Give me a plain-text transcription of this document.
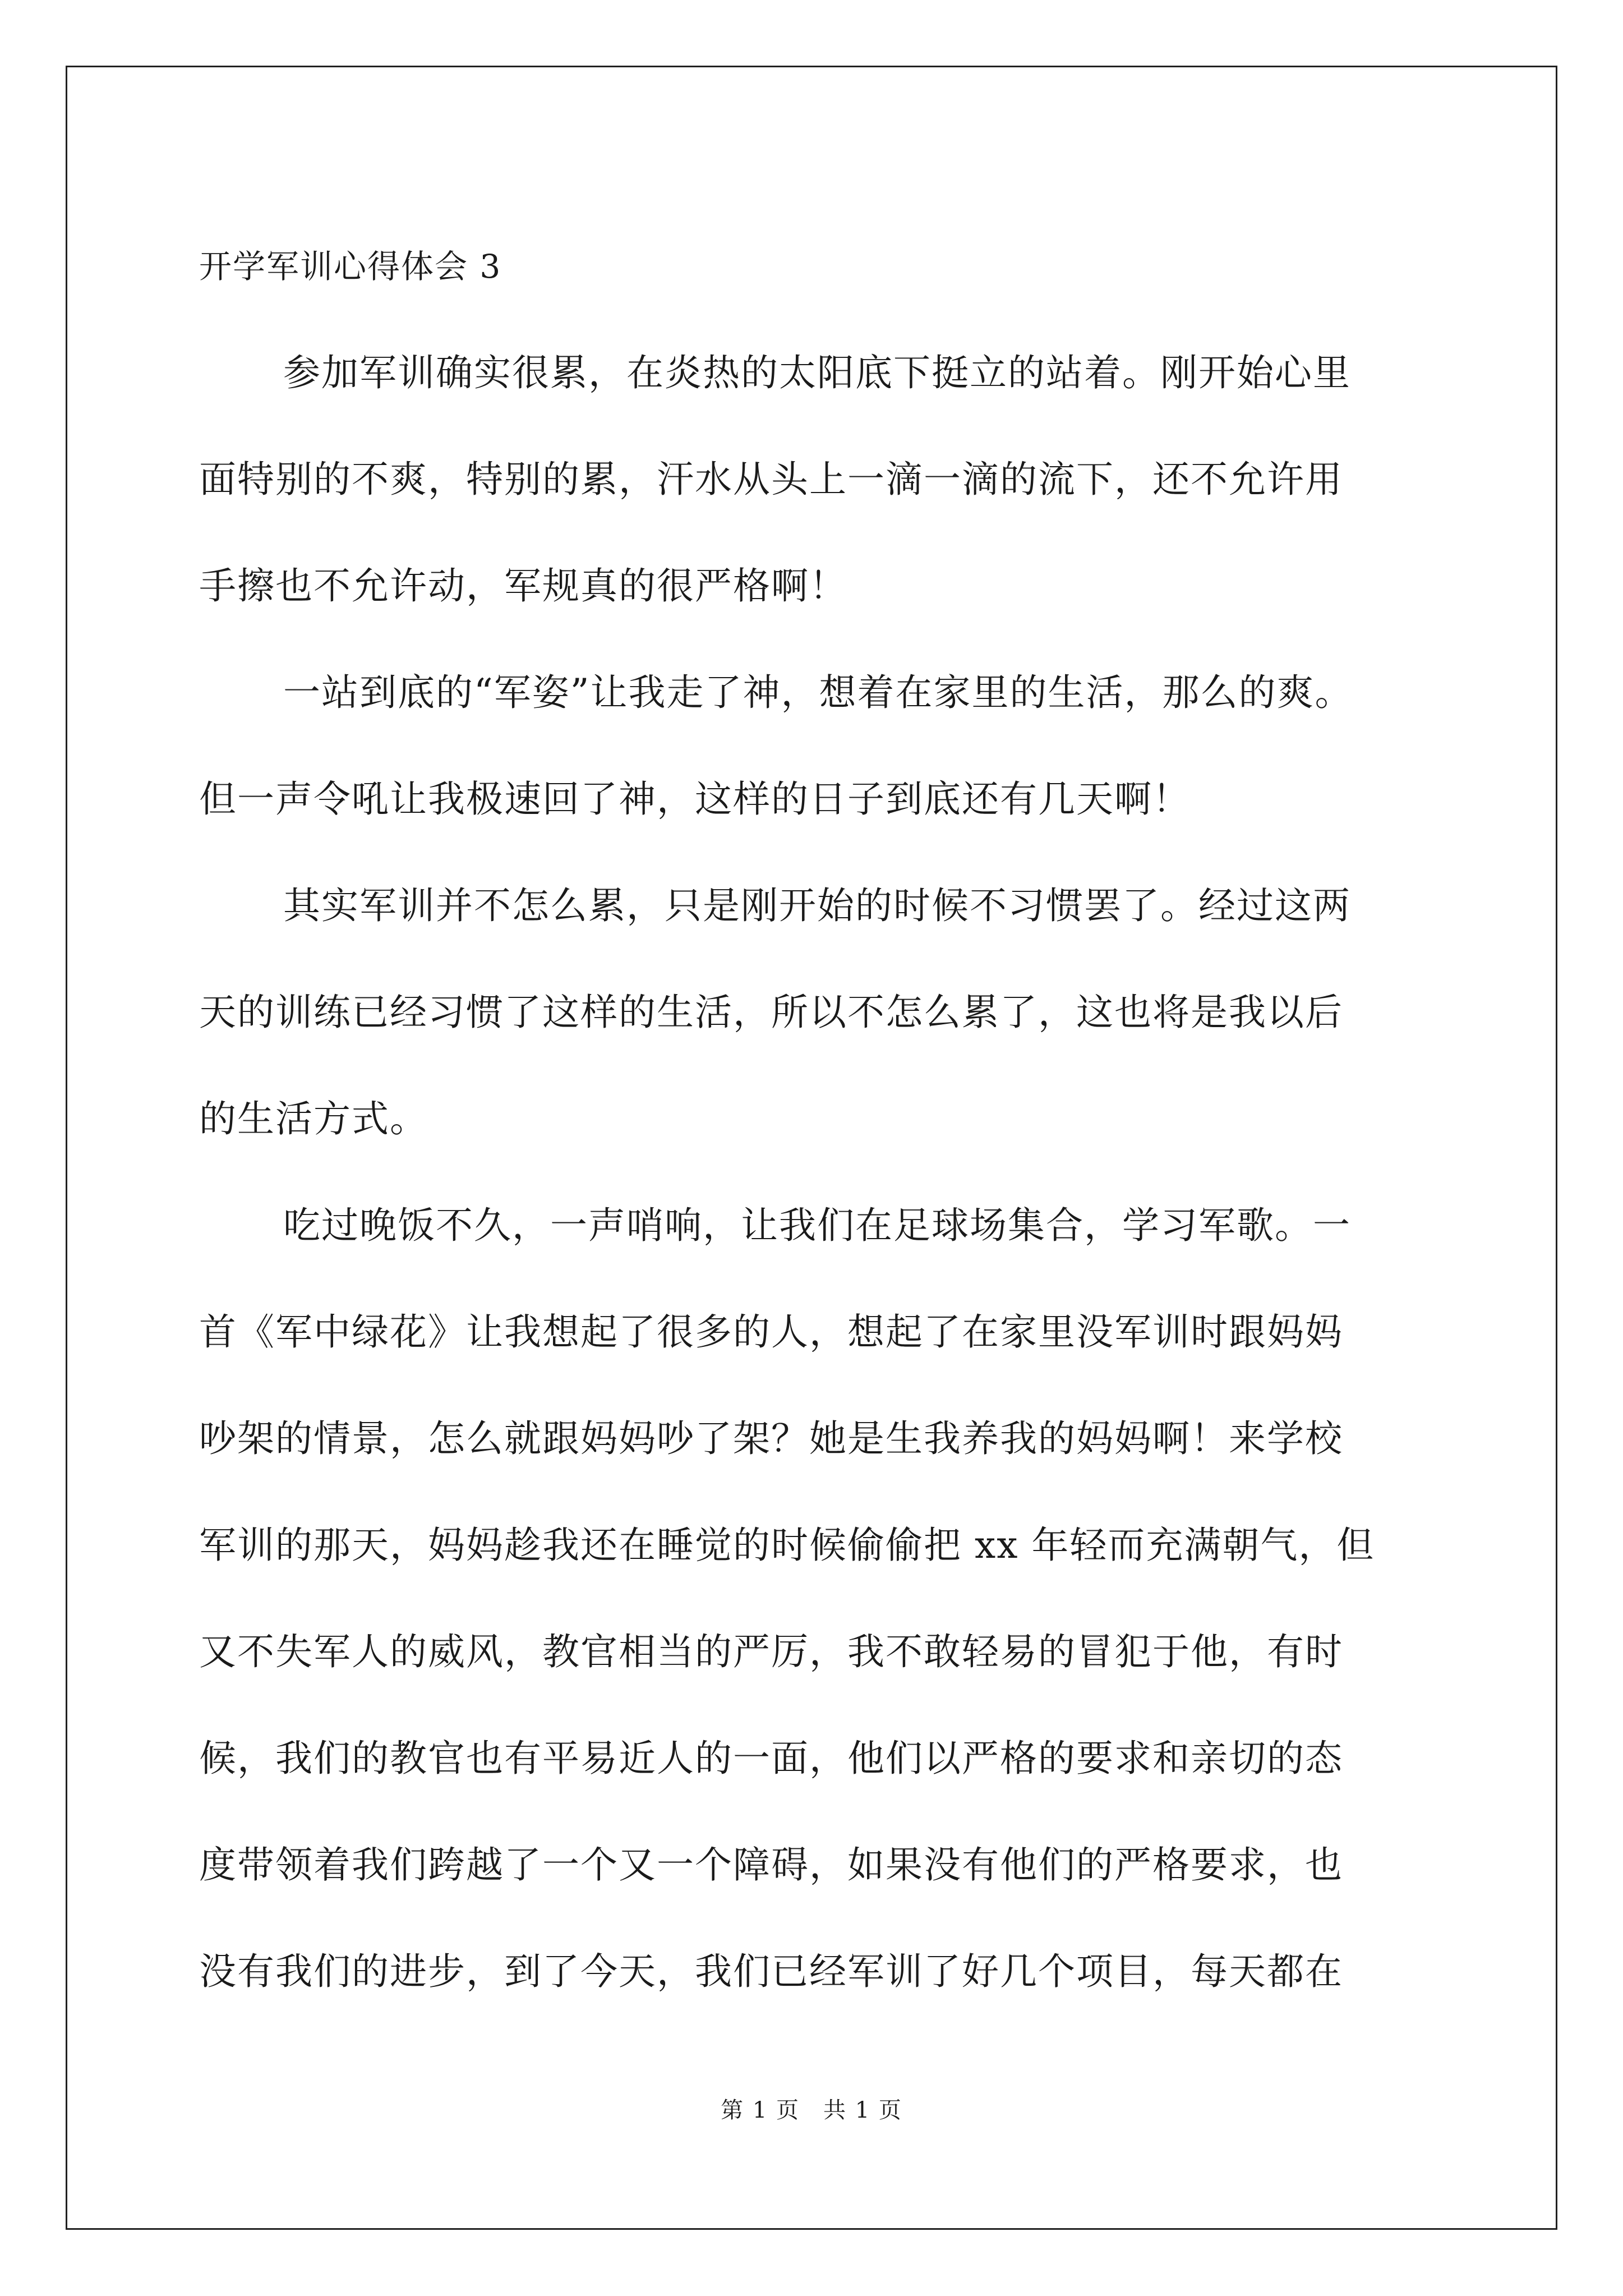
开学军训心得体会 3
参加军训确实很累，在炎热的太阳底下挺立的站着。刚开始心里
面特别的不爽，特别的累，汗水从头上一滴一滴的流下，还不允许用
手擦也不允许动，军规真的很严格啊！
一站到底的“军姿”让我走了神，想着在家里的生活，那么的爽。
但一声令吼让我极速回了神，这样的日子到底还有几天啊！
其实军训并不怎么累，只是刚开始的时候不习惯罢了。经过这两
天的训练已经习惯了这样的生活，所以不怎么累了，这也将是我以后
的生活方式。
吃过晚饭不久，一声哨响，让我们在足球场集合，学习军歌。一
首《军中绿花》让我想起了很多的人，想起了在家里没军训时跟妈妈
吵架的情景，怎么就跟妈妈吵了架？她是生我养我的妈妈啊！来学校
军训的那天，妈妈趁我还在睡觉的时候偷偷把 xx 年轻而充满朝气，但
又不失军人的威风，教官相当的严厉，我不敢轻易的冒犯于他，有时
候，我们的教官也有平易近人的一面，他们以严格的要求和亲切的态
度带领着我们跨越了一个又一个障碍，如果没有他们的严格要求，也
没有我们的进步，到了今天，我们已经军训了好几个项目，每天都在
第 1 页　共 1 页
